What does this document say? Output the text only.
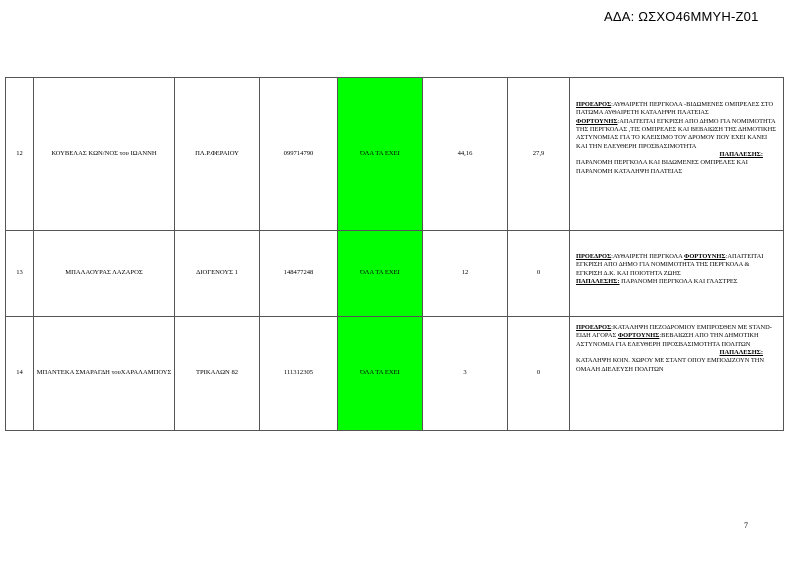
ΑΔΑ: ΩΣΧΟ46ΜΜΥΗ-Ζ01
12	ΚΟΥΒΕΛΑΣ ΚΩΝ/ΝΟΣ του ΙΩΑΝΝΗ	ΠΛ.Ρ.ΦΕΡΑΙΟΥ	099714790	ΌΛΑ ΤΑ ΕΧΕΙ	44,16	27,9	ΠΡΟΕΔΡΟΣ:ΑΥΘΑΙΡΕΤΗ ΠΕΡΓΚΟΛΑ -ΒΙΔΩΜΕΝΕΣ ΟΜΠΡΕΛΕΣ ΣΤΟ ΠΑΤΩΜΑ ΑΥΘΑΙΡΕΤΗ ΚΑΤΑΛΗΨΗ ΠΛΑΤΕΙΑΣ
ΦΟΡΤΟΥΝΗΣ:ΑΠΑΙΤΕΙΤΑΙ ΕΓΚΡΙΣΗ ΑΠΟ ΔΗΜΟ ΓΙΑ ΝΟΜΙΜΟΤΗΤΑ ΤΗΣ ΠΕΡΓΚΟΛΑΣ ,ΤΙΣ ΟΜΠΡΕΛΕΣ ΚΑΙ ΒΕΒΑΙΩΣΗ ΤΗΣ ΔΗΜΟΤΙΚΗΣ ΑΣΤΥΝΟΜΙΑΣ ΓΙΑ ΤΟ ΚΛΕΙΣΙΜΟ ΤΟΥ ΔΡΟΜΟΥ ΠΟΥ ΕΧΕΙ ΚΑΝΕΙ ΚΑΙ ΤΗΝ ΕΛΕΥΘΕΡΗ ΠΡΟΣΒΑΣΙΜΟΤΗΤΑ
ΠΑΠΑΛΕΣΗΣ:
ΠΑΡΑΝΟΜΗ ΠΕΡΓΚΟΛΑ ΚΑΙ ΒΙΔΩΜΕΝΕΣ ΟΜΠΡΕΛΕΣ ΚΑΙ ΠΑΡΑΝΟΜΗ ΚΑΤΑΛΗΨΗ ΠΛΑΤΕΙΑΣ

13	ΜΠΑΛΑΟΥΡΑΣ ΛΑΖΑΡΟΣ	ΔΙΟΓΕΝΟΥΣ 1	148477248	ΌΛΑ ΤΑ ΕΧΕΙ	12	0	ΠΡΟΕΔΡΟΣ:ΑΥΘΑΙΡΕΤΗ ΠΕΡΓΚΟΛΑ ΦΟΡΤΟΥΝΗΣ:ΑΠΑΙΤΕΙΤΑΙ ΕΓΚΡΙΣΗ ΑΠΟ ΔΗΜΟ ΓΙΑ ΝΟΜΙΜΟΤΗΤΑ ΤΗΣ ΠΕΡΓΚΟΛΑ & ΕΓΚΡΙΣΗ Δ.Κ. ΚΑΙ ΠΟΙΟΤΗΤΑ ΖΩΗΣ
ΠΑΠΑΛΕΣΗΣ: ΠΑΡΑΝΟΜΗ ΠΕΡΓΚΟΛΑ ΚΑΙ ΓΛΑΣΤΡΕΣ

14	ΜΠΑΝΤΕΚΑ ΣΜΑΡΑΓΔΗ τουΧΑΡΑΛΑΜΠΟΥΣ	ΤΡΙΚΑΛΩΝ 82	111312305	ΌΛΑ ΤΑ ΕΧΕΙ	3	0	ΠΡΟΕΔΡΟΣ:ΚΑΤΑΛΗΨΗ ΠΕΖΟΔΡΟΜΙΟΥ ΕΜΠΡΟΣΘΕΝ ΜΕ STAND-ΕΙΔΗ ΑΓΟΡΑΣ ΦΟΡΤΟΥΝΗΣ:ΒΕΒΑΙΩΣΗ ΑΠΟ ΤΗΝ ΔΗΜΟΤΙΚΗ ΑΣΤΥΝΟΜΙΑ ΓΙΑ ΕΛΕΥΘΕΡΗ ΠΡΟΣΒΑΣΙΜΟΤΗΤΑ ΠΟΛΙΤΩΝ
ΠΑΠΑΛΕΣΗΣ:
ΚΑΤΑΛΗΨΗ ΚΟΙΝ. ΧΩΡΟΥ ΜΕ ΣΤΑΝΤ ΟΠΟΥ ΕΜΠΟΔΙΖΟΥΝ ΤΗΝ ΟΜΑΛΗ ΔΙΕΛΕΥΣΗ ΠΟΛΙΤΩΝ
7
